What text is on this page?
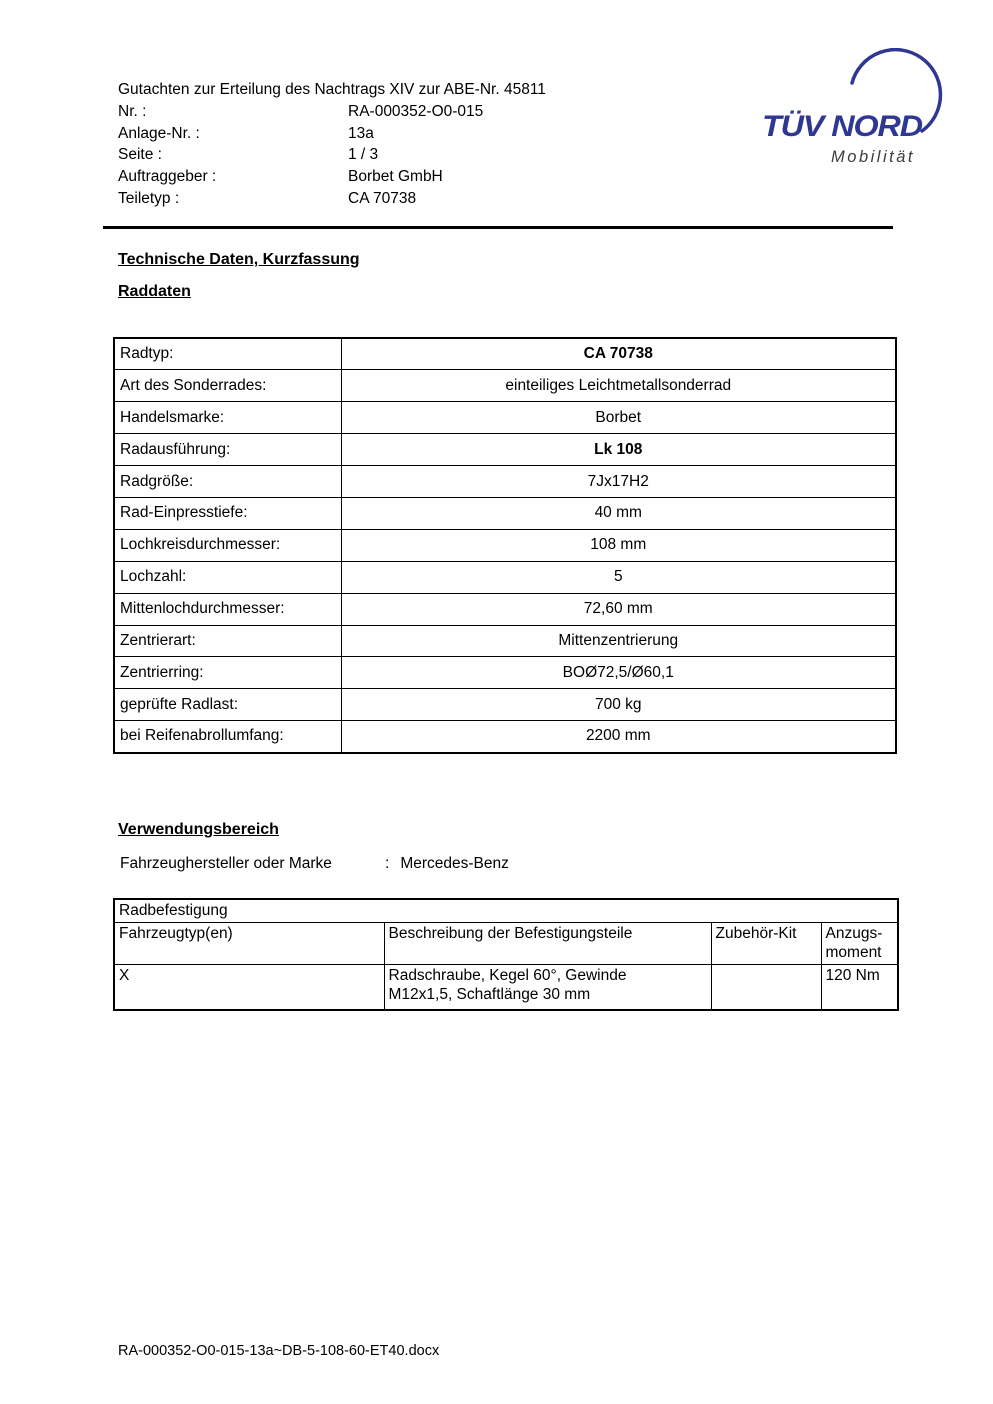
Gutachten zur Erteilung des Nachtrags XIV zur ABE-Nr. 45811
Nr. :	RA-000352-O0-015
Anlage-Nr. :	13a
Seite :	1 / 3
Auftraggeber :	Borbet GmbH
Teiletyp :	CA 70738
TÜV NORD
Mobilität
Technische Daten, Kurzfassung
Raddaten
Radtyp:	CA 70738
Art des Sonderrades:	einteiliges Leichtmetallsonderrad
Handelsmarke:	Borbet
Radausführung:	Lk 108
Radgröße:	7Jx17H2
Rad-Einpresstiefe:	40 mm
Lochkreisdurchmesser:	108 mm
Lochzahl:	5
Mittenlochdurchmesser:	72,60 mm
Zentrierart:	Mittenzentrierung
Zentrierring:	BOØ72,5/Ø60,1
geprüfte Radlast:	700 kg
bei Reifenabrollumfang:	2200 mm
Verwendungsbereich
Fahrzeughersteller oder Marke	: Mercedes-Benz
Radbefestigung			
Fahrzeugtyp(en)	Beschreibung der Befestigungsteile	Zubehör-Kit	Anzugs-moment
X	Radschraube, Kegel 60°, Gewinde M12x1,5, Schaftlänge 30 mm		120 Nm
RA-000352-O0-015-13a~DB-5-108-60-ET40.docx
